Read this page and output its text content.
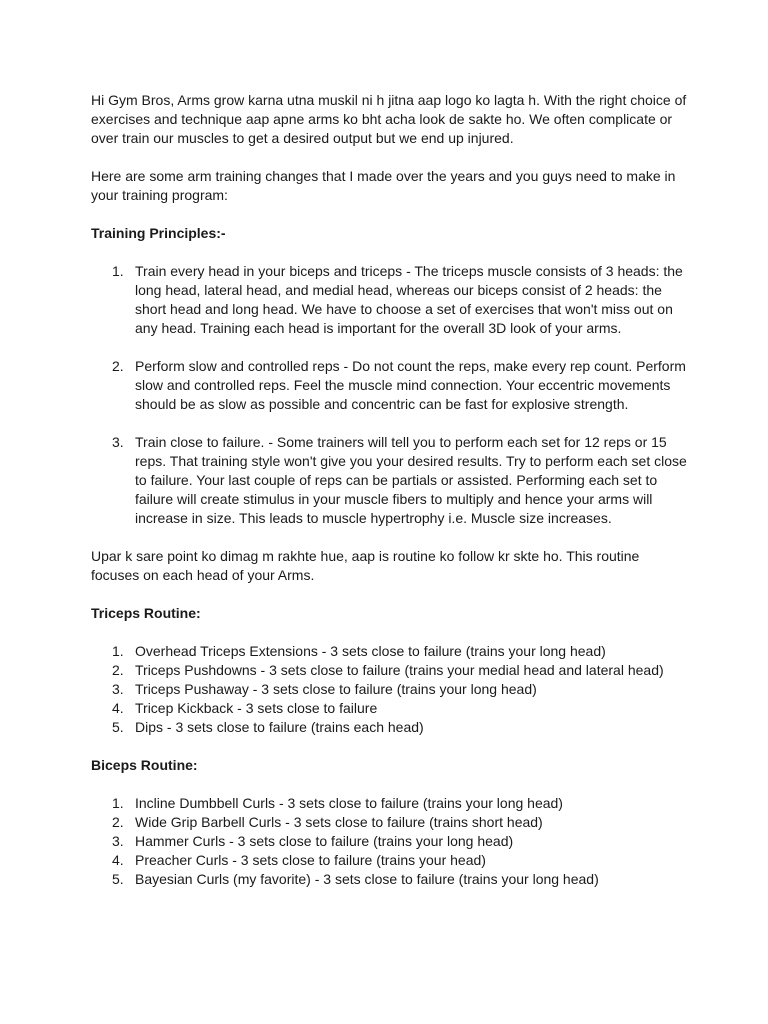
Hi Gym Bros, Arms grow karna utna muskil ni h jitna aap logo ko lagta h. With the right choice of exercises and technique aap apne arms ko bht acha look de sakte ho. We often complicate or over train our muscles to get a desired output but we end up injured.

Here are some arm training changes that I made over the years and you guys need to make in your training program:

Training Principles:-

1. Train every head in your biceps and triceps - The triceps muscle consists of 3 heads: the long head, lateral head, and medial head, whereas our biceps consist of 2 heads: the short head and long head. We have to choose a set of exercises that won't miss out on any head. Training each head is important for the overall 3D look of your arms.
2. Perform slow and controlled reps - Do not count the reps, make every rep count. Perform slow and controlled reps. Feel the muscle mind connection. Your eccentric movements should be as slow as possible and concentric can be fast for explosive strength.
3. Train close to failure. - Some trainers will tell you to perform each set for 12 reps or 15 reps. That training style won't give you your desired results. Try to perform each set close to failure. Your last couple of reps can be partials or assisted. Performing each set to failure will create stimulus in your muscle fibers to multiply and hence your arms will increase in size. This leads to muscle hypertrophy i.e. Muscle size increases.

Upar k sare point ko dimag m rakhte hue, aap is routine ko follow kr skte ho. This routine focuses on each head of your Arms.

Triceps Routine:

1. Overhead Triceps Extensions - 3 sets close to failure (trains your long head)
2. Triceps Pushdowns - 3 sets close to failure (trains your medial head and lateral head)
3. Triceps Pushaway - 3 sets close to failure (trains your long head)
4. Tricep Kickback - 3 sets close to failure
5. Dips - 3 sets close to failure (trains each head)

Biceps Routine:

1. Incline Dumbbell Curls - 3 sets close to failure (trains your long head)
2. Wide Grip Barbell Curls - 3 sets close to failure (trains short head)
3. Hammer Curls - 3 sets close to failure (trains your long head)
4. Preacher Curls - 3 sets close to failure (trains your head)
5. Bayesian Curls (my favorite) - 3 sets close to failure (trains your long head)
